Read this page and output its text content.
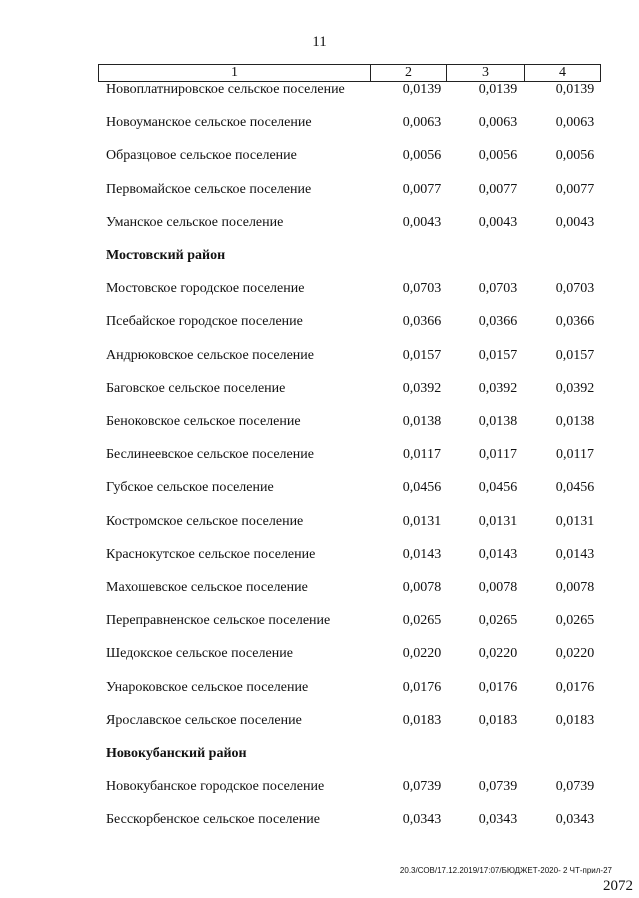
11
1	2	3	4
Новоплатнировское сельское поселение	0,0139	0,0139	0,0139
Новоуманское сельское поселение	0,0063	0,0063	0,0063
Образцовое сельское поселение	0,0056	0,0056	0,0056
Первомайское сельское поселение	0,0077	0,0077	0,0077
Уманское сельское поселение	0,0043	0,0043	0,0043
Мостовский район
Мостовское городское поселение	0,0703	0,0703	0,0703
Псебайское городское поселение	0,0366	0,0366	0,0366
Андрюковское сельское поселение	0,0157	0,0157	0,0157
Баговское сельское поселение	0,0392	0,0392	0,0392
Беноковское сельское поселение	0,0138	0,0138	0,0138
Беслинеевское сельское поселение	0,0117	0,0117	0,0117
Губское сельское поселение	0,0456	0,0456	0,0456
Костромское сельское поселение	0,0131	0,0131	0,0131
Краснокутское сельское поселение	0,0143	0,0143	0,0143
Махошевское сельское поселение	0,0078	0,0078	0,0078
Переправненское сельское поселение	0,0265	0,0265	0,0265
Шедокское сельское поселение	0,0220	0,0220	0,0220
Унароковское сельское поселение	0,0176	0,0176	0,0176
Ярославское сельское поселение	0,0183	0,0183	0,0183
Новокубанский район
Новокубанское городское поселение	0,0739	0,0739	0,0739
Бесскорбенское сельское поселение	0,0343	0,0343	0,0343
20.3/СОВ/17.12.2019/17:07/БЮДЖЕТ-2020- 2 ЧТ-прил-27
2072
